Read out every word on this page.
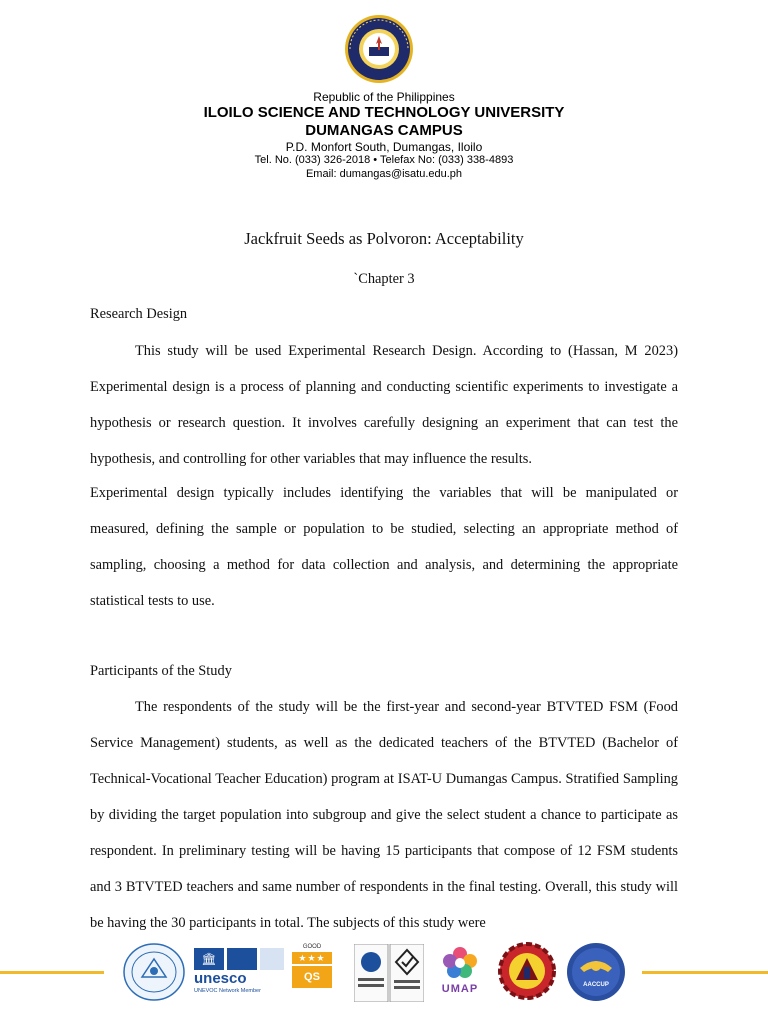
Republic of the Philippines
ILOILO SCIENCE AND TECHNOLOGY UNIVERSITY
DUMANGAS CAMPUS
P.D. Monfort South, Dumangas, Iloilo
Tel. No. (033) 326-2018 • Telefax No: (033) 338-4893
Email: dumangas@isatu.edu.ph
Jackfruit Seeds as Polvoron: Acceptability
`Chapter 3
Research Design

This study will be used Experimental Research Design. According to (Hassan, M 2023) Experimental design is a process of planning and conducting scientific experiments to investigate a hypothesis or research question. It involves carefully designing an experiment that can test the hypothesis, and controlling for other variables that may influence the results.

Experimental design typically includes identifying the variables that will be manipulated or measured, defining the sample or population to be studied, selecting an appropriate method of sampling, choosing a method for data collection and analysis, and determining the appropriate statistical tests to use.

Participants of the Study

The respondents of the study will be the first-year and second-year BTVTED FSM (Food Service Management) students, as well as the dedicated teachers of the BTVTED (Bachelor of Technical-Vocational Teacher Education) program at ISAT-U Dumangas Campus. Stratified Sampling by dividing the target population into subgroup and give the select student a chance to participate as respondent. In preliminary testing will be having 15 participants that compose of 12 FSM students and 3 BTVTED teachers and same number of respondents in the final testing. Overall, this study will be having the 30 participants in total. The subjects of this study were

🏛
unesco
UNEVOC Network Member
GOOD
★★★
QS
UMAP	AACCUP
